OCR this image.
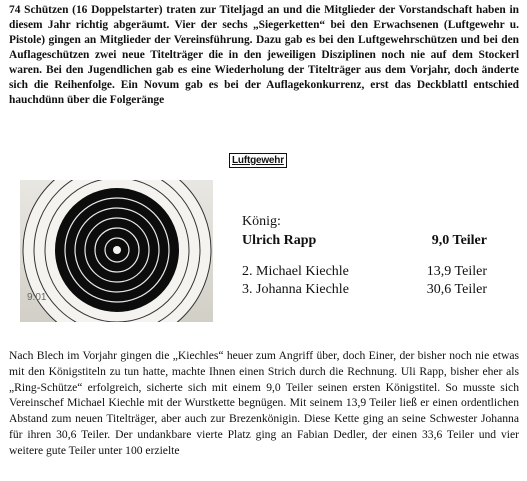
74 Schützen (16 Doppelstarter) traten zur Titeljagd an und die Mitglieder der Vorstandschaft haben in diesem Jahr richtig abgeräumt. Vier der sechs „Siegerketten“ bei den Erwachsenen (Luftgewehr u. Pistole) gingen an Mitglieder der Vereinsführung. Dazu gab es bei den Luftgewehrschützen und bei den Auflageschützen zwei neue Titelträger die in den jeweiligen Disziplinen noch nie auf dem Stockerl waren. Bei den Jugendlichen gab es eine Wiederholung der Titelträger aus dem Vorjahr, doch änderte sich die Reihenfolge. Ein Novum gab es bei der Auflagekonkurrenz, erst das Deckblattl entschied hauchdünn über die Folgeränge

Luftgewehr
9:01

König:

Ulrich Rapp	9,0 Teiler
2. Michael Kiechle	13,9 Teiler
3. Johanna Kiechle	30,6 Teiler

Nach Blech im Vorjahr gingen die „Kiechles“ heuer zum Angriff über, doch Einer, der bisher noch nie etwas mit den Königstiteln zu tun hatte, machte Ihnen einen Strich durch die Rechnung. Uli Rapp, bisher eher als „Ring-Schütze“ erfolgreich, sicherte sich mit einem 9,0 Teiler seinen ersten Königstitel. So musste sich Vereinschef Michael Kiechle mit der Wurstkette begnügen. Mit seinem 13,9 Teiler ließ er einen ordentlichen Abstand zum neuen Titelträger, aber auch zur Brezenkönigin. Diese Kette ging an seine Schwester Johanna für ihren 30,6 Teiler. Der undankbare vierte Platz ging an Fabian Dedler, der einen 33,6 Teiler und vier weitere gute Teiler unter 100 erzielte
